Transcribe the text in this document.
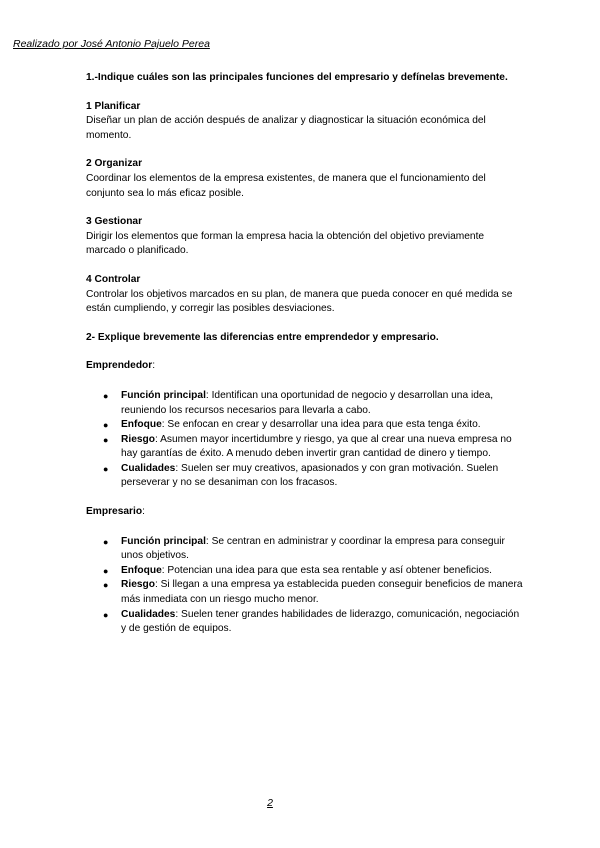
Realizado por José Antonio Pajuelo Perea

1.-Indique cuáles son las principales funciones del empresario y defínelas brevemente.

1 Planificar

Diseñar un plan de acción después de analizar y diagnosticar la situación económica del momento.

2 Organizar

Coordinar los elementos de la empresa existentes, de manera que el funcionamiento del conjunto sea lo más eficaz posible.

3 Gestionar

Dirigir los elementos que forman la empresa hacia la obtención del objetivo previamente marcado o planificado.

4 Controlar

Controlar los objetivos marcados en su plan, de manera que pueda conocer en qué medida se están cumpliendo, y corregir las posibles desviaciones.

2- Explique brevemente las diferencias entre emprendedor y empresario.

Emprendedor:

● Función principal: Identifican una oportunidad de negocio y desarrollan una idea, reuniendo los recursos necesarios para llevarla a cabo.
● Enfoque: Se enfocan en crear y desarrollar una idea para que esta tenga éxito.
● Riesgo: Asumen mayor incertidumbre y riesgo, ya que al crear una nueva empresa no hay garantías de éxito. A menudo deben invertir gran cantidad de dinero y tiempo.
● Cualidades: Suelen ser muy creativos, apasionados y con gran motivación. Suelen perseverar y no se desaniman con los fracasos.

Empresario:

● Función principal: Se centran en administrar y coordinar la empresa para conseguir unos objetivos.
● Enfoque: Potencian una idea para que esta sea rentable y así obtener beneficios.
● Riesgo: Si llegan a una empresa ya establecida pueden conseguir beneficios de manera más inmediata con un riesgo mucho menor.
● Cualidades: Suelen tener grandes habilidades de liderazgo, comunicación, negociación y de gestión de equipos.
2
